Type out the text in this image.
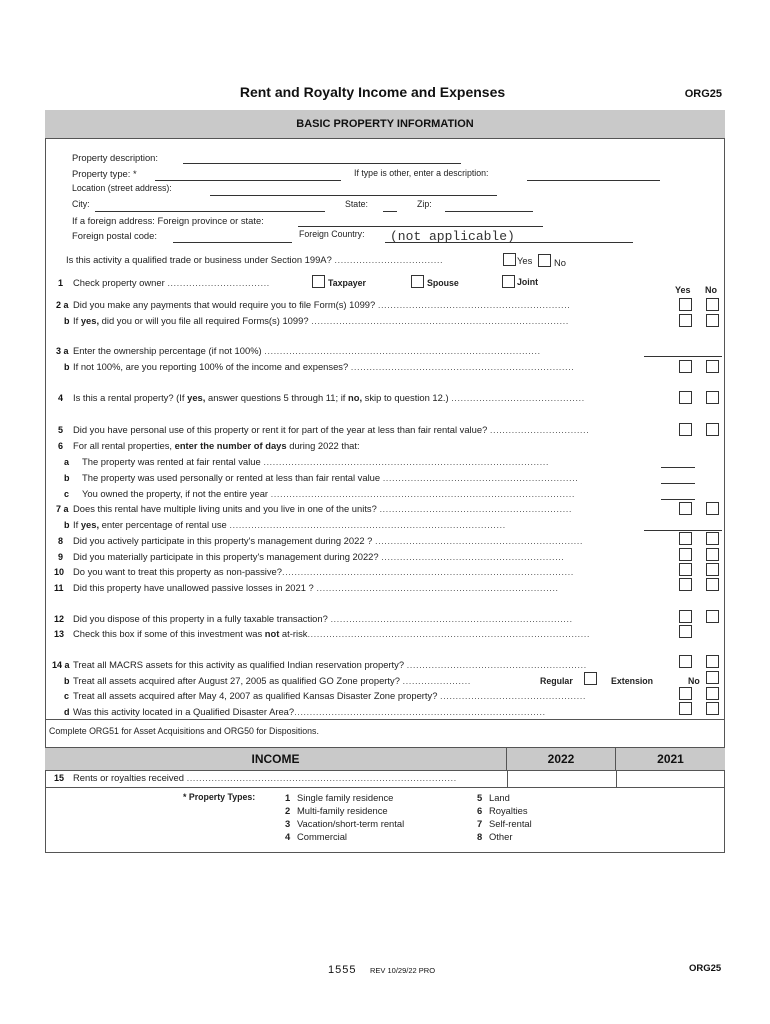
Rent and Royalty Income and Expenses	ORG25
BASIC PROPERTY INFORMATION
Property description:
Property type: *	If type is other, enter a description:
Location (street address):
City:	State:	Zip:
If a foreign address: Foreign province or state:
Foreign postal code:	Foreign Country: (not applicable)
Is this activity a qualified trade or business under Section 199A? ...................................	Yes No
1 Check property owner .................................	Taxpayer	Spouse	Joint
Yes No
2 a Did you make any payments that would require you to file Form(s) 1099? ..............................................................
b If yes, did you or will you file all required Forms(s) 1099? ...................................................................................
3 a Enter the ownership percentage (if not 100%) .........................................................................................
b If not 100%, are you reporting 100% of the income and expenses? ........................................................................
4 Is this a rental property? (If yes, answer questions 5 through 11; if no, skip to question 12.) ...........................................
5 Did you have personal use of this property or rent it for part of the year at less than fair rental value? ................................
6 For all rental properties, enter the number of days during 2022 that:
a The property was rented at fair rental value ............................................................................................
b The property was used personally or rented at less than fair rental value ...............................................................
c You owned the property, if not the entire year ..................................................................................................
7 a Does this rental have multiple living units and you live in one of the units? ..............................................................
b If yes, enter percentage of rental use .........................................................................................
8 Did you actively participate in this property's management during 2022 ? ...................................................................
9 Did you materially participate in this property's management during 2022? ...........................................................
10 Do you want to treat this property as non-passive?..............................................................................................
11 Did this property have unallowed passive losses in 2021 ? ..............................................................................
12 Did you dispose of this property in a fully taxable transaction? ..............................................................................
13 Check this box if some of this investment was not at-risk...........................................................................................
14 a Treat all MACRS assets for this activity as qualified Indian reservation property? ..........................................................
b Treat all assets acquired after August 27, 2005 as qualified GO Zone property? ......................	Regular	Extension	No
c Treat all assets acquired after May 4, 2007 as qualified Kansas Disaster Zone property? ...............................................
d Was this activity located in a Qualified Disaster Area?.................................................................................
Complete ORG51 for Asset Acquisitions and ORG50 for Dispositions.
INCOME	2022	2021
15 Rents or royalties received .......................................................................................
* Property Types:	1 Single family residence
2 Multi-family residence
3 Vacation/short-term rental
4 Commercial
5 Land
6 Royalties
7 Self-rental
8 Other
1555 REV 10/29/22 PRO	ORG25
